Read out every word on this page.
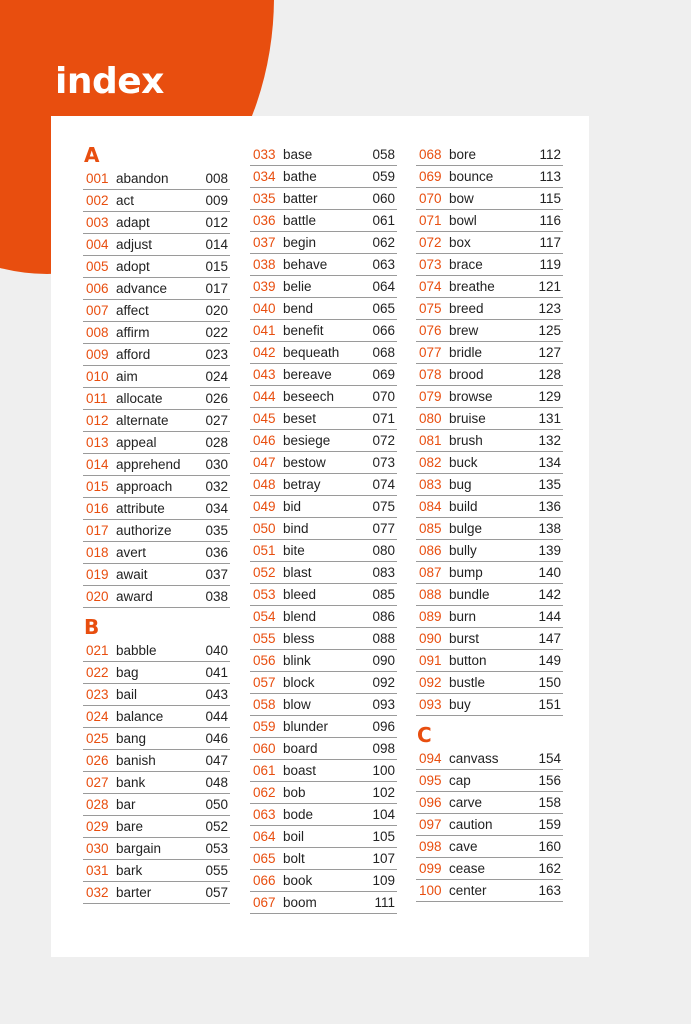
index
A
001 abandon	008
002 act	009
003 adapt	012
004 adjust	014
005 adopt	015
006 advance	017
007 affect	020
008 affirm	022
009 afford	023
010 aim	024
011 allocate	026
012 alternate	027
013 appeal	028
014 apprehend	030
015 approach	032
016 attribute	034
017 authorize	035
018 avert	036
019 await	037
020 award	038
B
021 babble	040
022 bag	041
023 bail	043
024 balance	044
025 bang	046
026 banish	047
027 bank	048
028 bar	050
029 bare	052
030 bargain	053
031 bark	055
032 barter	057
033 base	058
034 bathe	059
035 batter	060
036 battle	061
037 begin	062
038 behave	063
039 belie	064
040 bend	065
041 benefit	066
042 bequeath	068
043 bereave	069
044 beseech	070
045 beset	071
046 besiege	072
047 bestow	073
048 betray	074
049 bid	075
050 bind	077
051 bite	080
052 blast	083
053 bleed	085
054 blend	086
055 bless	088
056 blink	090
057 block	092
058 blow	093
059 blunder	096
060 board	098
061 boast	100
062 bob	102
063 bode	104
064 boil	105
065 bolt	107
066 book	109
067 boom	111
068 bore	112
069 bounce	113
070 bow	115
071 bowl	116
072 box	117
073 brace	119
074 breathe	121
075 breed	123
076 brew	125
077 bridle	127
078 brood	128
079 browse	129
080 bruise	131
081 brush	132
082 buck	134
083 bug	135
084 build	136
085 bulge	138
086 bully	139
087 bump	140
088 bundle	142
089 burn	144
090 burst	147
091 button	149
092 bustle	150
093 buy	151
C
094 canvass	154
095 cap	156
096 carve	158
097 caution	159
098 cave	160
099 cease	162
100 center	163
